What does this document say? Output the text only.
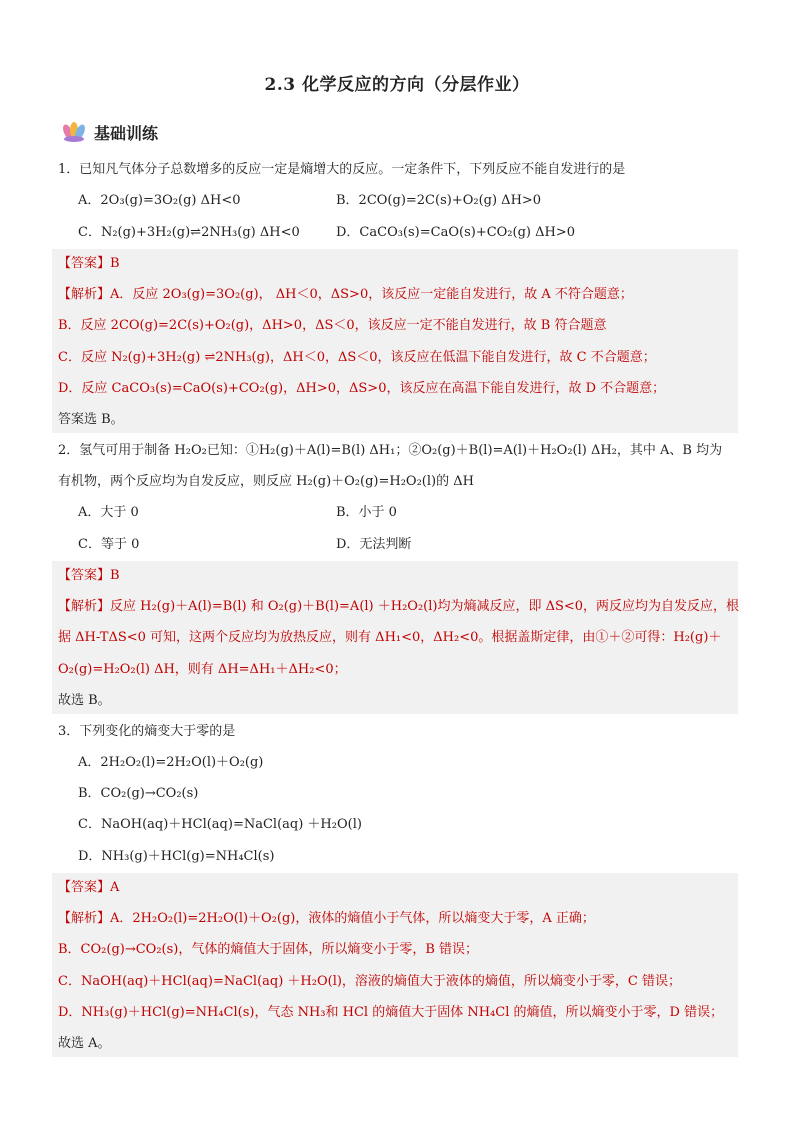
2.3 化学反应的方向（分层作业）
基础训练
1．已知凡气体分子总数增多的反应一定是熵增大的反应。一定条件下，下列反应不能自发进行的是
A．2O₃(g)=3O₂(g) ΔH<0	B．2CO(g)=2C(s)+O₂(g) ΔH>0
C．N₂(g)+3H₂(g)⇌2NH₃(g) ΔH<0	D．CaCO₃(s)=CaO(s)+CO₂(g) ΔH>0
【答案】B
【解析】A．反应 2O₃(g)=3O₂(g)， ΔH＜0，ΔS>0，该反应一定能自发进行，故 A 不符合题意；
B．反应 2CO(g)=2C(s)+O₂(g)，ΔH>0，ΔS＜0，该反应一定不能自发进行，故 B 符合题意
C．反应 N₂(g)+3H₂(g) ⇌2NH₃(g)，ΔH＜0，ΔS＜0，该反应在低温下能自发进行，故 C 不合题意；
D．反应 CaCO₃(s)=CaO(s)+CO₂(g)，ΔH>0，ΔS>0，该反应在高温下能自发进行，故 D 不合题意；
答案选 B。
2．氢气可用于制备 H₂O₂已知：①H₂(g)＋A(l)=B(l) ΔH₁；②O₂(g)＋B(l)=A(l)＋H₂O₂(l) ΔH₂，其中 A、B 均为
有机物，两个反应均为自发反应，则反应 H₂(g)＋O₂(g)=H₂O₂(l)的 ΔH
A．大于 0	B．小于 0
C．等于 0	D．无法判断
【答案】B
【解析】反应 H₂(g)＋A(l)=B(l) 和 O₂(g)＋B(l)=A(l) ＋H₂O₂(l)均为熵减反应，即 ΔS<0，两反应均为自发反应，根
据 ΔH-TΔS<0 可知，这两个反应均为放热反应，则有 ΔH₁<0，ΔH₂<0。根据盖斯定律，由①＋②可得：H₂(g)＋
O₂(g)=H₂O₂(l) ΔH，则有 ΔH=ΔH₁＋ΔH₂<0；
故选 B。
3．下列变化的熵变大于零的是
A．2H₂O₂(l)=2H₂O(l)＋O₂(g)
B．CO₂(g)→CO₂(s)
C．NaOH(aq)＋HCl(aq)=NaCl(aq) ＋H₂O(l)
D．NH₃(g)＋HCl(g)=NH₄Cl(s)
【答案】A
【解析】A．2H₂O₂(l)=2H₂O(l)＋O₂(g)，液体的熵值小于气体，所以熵变大于零，A 正确；
B．CO₂(g)→CO₂(s)，气体的熵值大于固体，所以熵变小于零，B 错误；
C．NaOH(aq)＋HCl(aq)=NaCl(aq) ＋H₂O(l)，溶液的熵值大于液体的熵值，所以熵变小于零，C 错误；
D．NH₃(g)＋HCl(g)=NH₄Cl(s)，气态 NH₃和 HCl 的熵值大于固体 NH₄Cl 的熵值，所以熵变小于零，D 错误；
故选 A。
